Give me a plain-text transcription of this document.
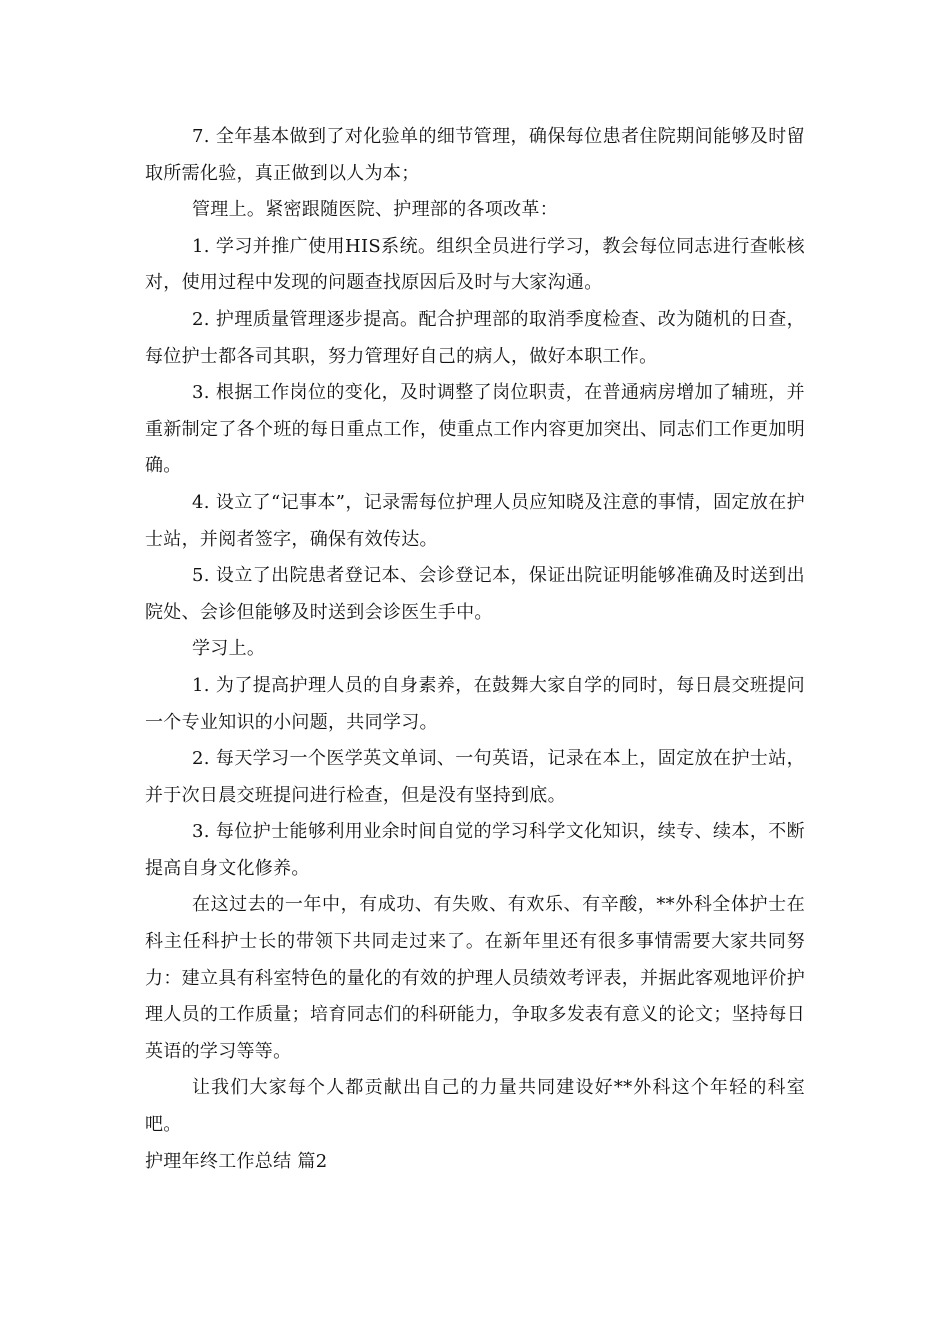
7. 全年基本做到了对化验单的细节管理，确保每位患者住院期间能够及时留取所需化验，真正做到以人为本；

管理上。紧密跟随医院、护理部的各项改革：

1. 学习并推广使用HIS系统。组织全员进行学习，教会每位同志进行查帐核对，使用过程中发现的问题查找原因后及时与大家沟通。

2. 护理质量管理逐步提高。配合护理部的取消季度检查、改为随机的日查，每位护士都各司其职，努力管理好自己的病人，做好本职工作。

3. 根据工作岗位的变化，及时调整了岗位职责，在普通病房增加了辅班，并重新制定了各个班的每日重点工作，使重点工作内容更加突出、同志们工作更加明确。

4. 设立了“记事本”，记录需每位护理人员应知晓及注意的事情，固定放在护士站，并阅者签字，确保有效传达。

5. 设立了出院患者登记本、会诊登记本，保证出院证明能够准确及时送到出院处、会诊但能够及时送到会诊医生手中。

学习上。

1. 为了提高护理人员的自身素养，在鼓舞大家自学的同时，每日晨交班提问一个专业知识的小问题，共同学习。

2. 每天学习一个医学英文单词、一句英语，记录在本上，固定放在护士站，并于次日晨交班提问进行检查，但是没有坚持到底。

3. 每位护士能够利用业余时间自觉的学习科学文化知识，续专、续本，不断提高自身文化修养。

在这过去的一年中，有成功、有失败、有欢乐、有辛酸，**外科全体护士在科主任科护士长的带领下共同走过来了。在新年里还有很多事情需要大家共同努力：建立具有科室特色的量化的有效的护理人员绩效考评表，并据此客观地评价护理人员的工作质量；培育同志们的科研能力，争取多发表有意义的论文；坚持每日英语的学习等等。

让我们大家每个人都贡献出自己的力量共同建设好**外科这个年轻的科室吧。

护理年终工作总结 篇2
